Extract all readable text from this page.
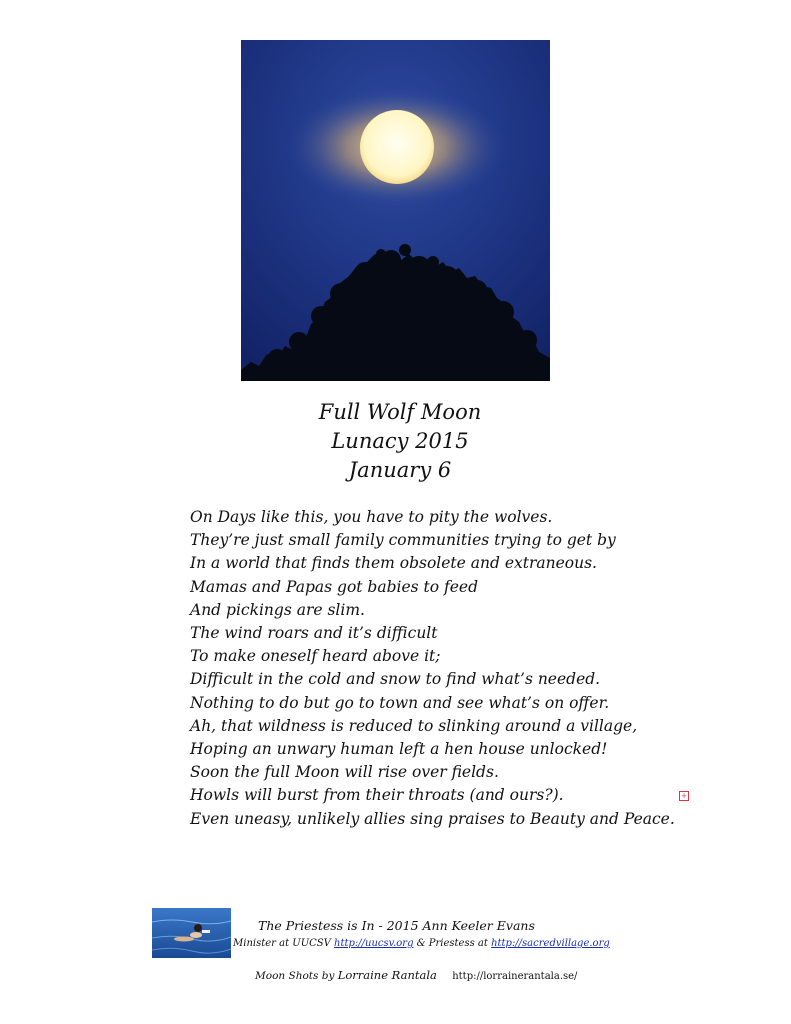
Full Wolf Moon
Lunacy 2015
January 6
On Days like this, you have to pity the wolves.
They’re just small family communities trying to get by
In a world that finds them obsolete and extraneous.
Mamas and Papas got babies to feed
And pickings are slim.
The wind roars and it’s difficult
To make oneself heard above it;
Difficult in the cold and snow to find what’s needed.
Nothing to do but go to town and see what’s on offer.
Ah, that wildness is reduced to slinking around a village,
Hoping an unwary human left a hen house unlocked!
Soon the full Moon will rise over fields.
Howls will burst from their throats (and ours?).
Even uneasy, unlikely allies sing praises to Beauty and Peace.
+
The Priestess is In - 2015 Ann Keeler Evans
Minister at UUCSV http://uucsv.org & Priestess at http://sacredvillage.org
Moon Shots by Lorraine Rantala http://lorrainerantala.se/
